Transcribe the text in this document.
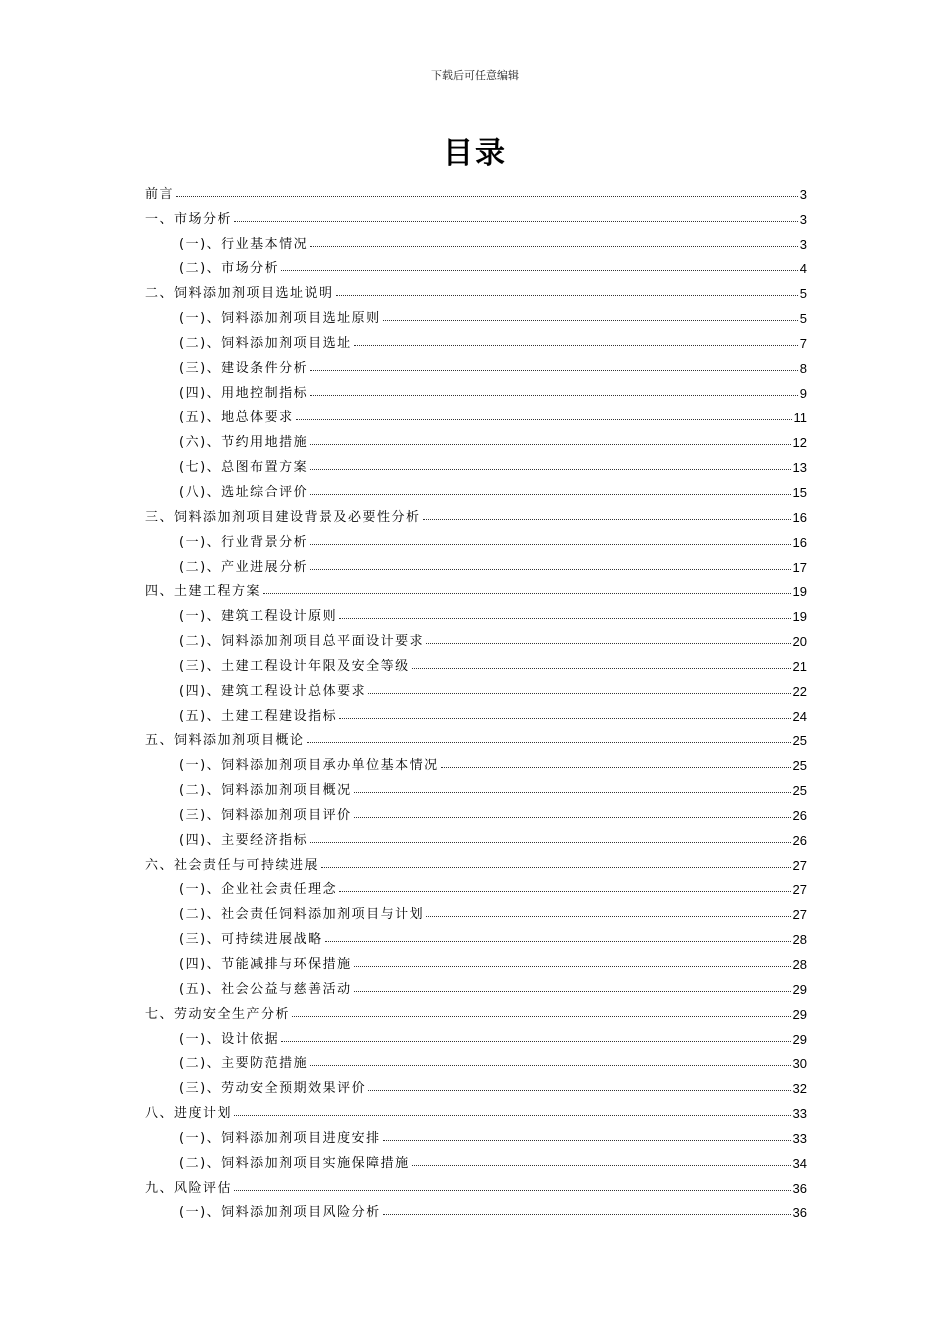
下载后可任意编辑
目录
前言	3
一、市场分析	3
(一)、行业基本情况	3
(二)、市场分析	4
二、饲料添加剂项目选址说明	5
(一)、饲料添加剂项目选址原则	5
(二)、饲料添加剂项目选址	7
(三)、建设条件分析	8
(四)、用地控制指标	9
(五)、地总体要求	11
(六)、节约用地措施	12
(七)、总图布置方案	13
(八)、选址综合评价	15
三、饲料添加剂项目建设背景及必要性分析	16
(一)、行业背景分析	16
(二)、产业进展分析	17
四、土建工程方案	19
(一)、建筑工程设计原则	19
(二)、饲料添加剂项目总平面设计要求	20
(三)、土建工程设计年限及安全等级	21
(四)、建筑工程设计总体要求	22
(五)、土建工程建设指标	24
五、饲料添加剂项目概论	25
(一)、饲料添加剂项目承办单位基本情况	25
(二)、饲料添加剂项目概况	25
(三)、饲料添加剂项目评价	26
(四)、主要经济指标	26
六、社会责任与可持续进展	27
(一)、企业社会责任理念	27
(二)、社会责任饲料添加剂项目与计划	27
(三)、可持续进展战略	28
(四)、节能减排与环保措施	28
(五)、社会公益与慈善活动	29
七、劳动安全生产分析	29
(一)、设计依据	29
(二)、主要防范措施	30
(三)、劳动安全预期效果评价	32
八、进度计划	33
(一)、饲料添加剂项目进度安排	33
(二)、饲料添加剂项目实施保障措施	34
九、风险评估	36
(一)、饲料添加剂项目风险分析	36
